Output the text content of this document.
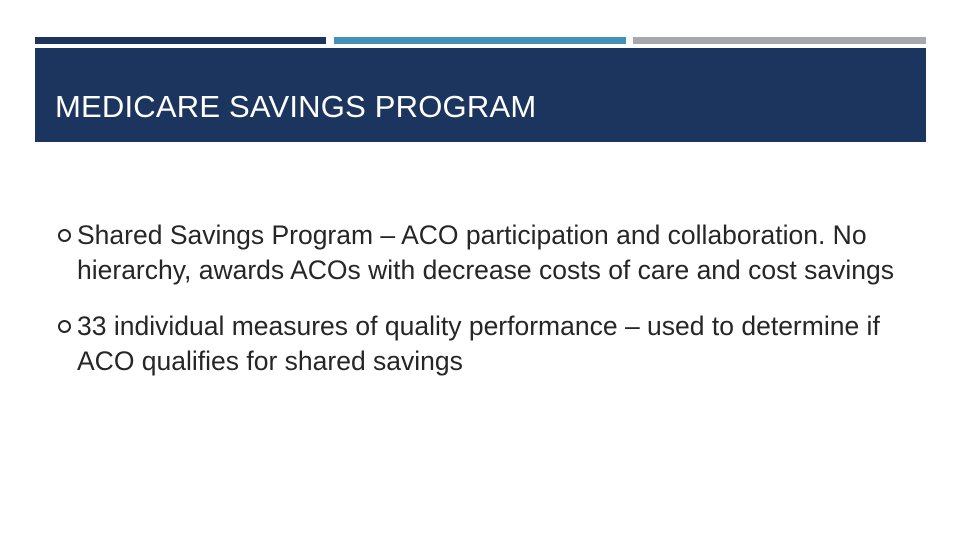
MEDICARE SAVINGS PROGRAM
Shared Savings Program – ACO participation and collaboration. No hierarchy, awards ACOs with decrease costs of care and cost savings
33 individual measures of quality performance – used to determine if ACO qualifies for shared savings
